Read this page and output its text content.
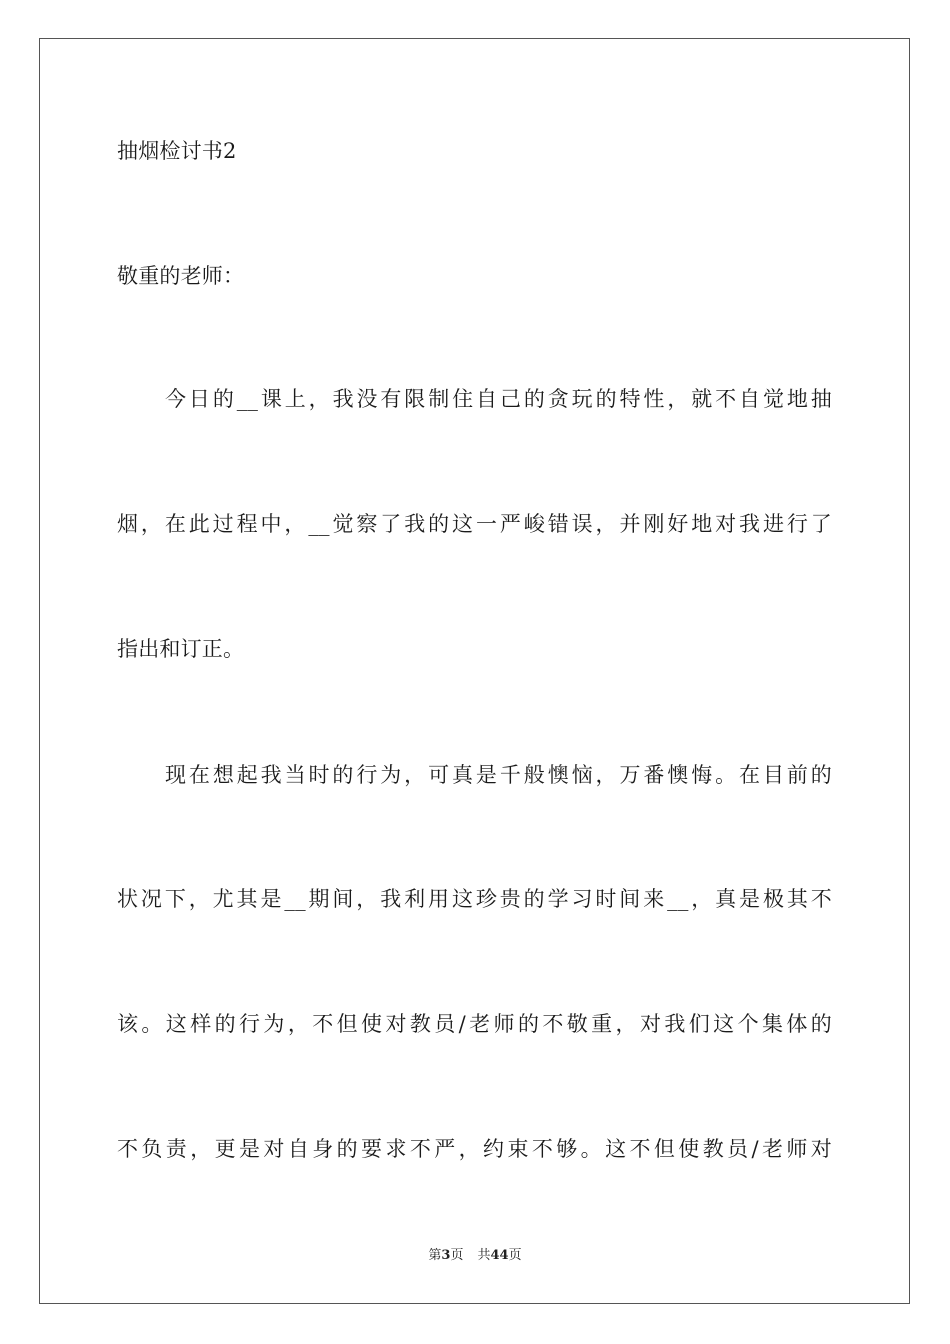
抽烟检讨书2
敬重的老师：
今日的__课上，我没有限制住自己的贪玩的特性，就不自觉地抽
烟，在此过程中，__觉察了我的这一严峻错误，并刚好地对我进行了
指出和订正。
现在想起我当时的行为，可真是千般懊恼，万番懊悔。在目前的
状况下，尤其是__期间，我利用这珍贵的学习时间来__，真是极其不
该。这样的行为，不但使对教员/老师的不敬重，对我们这个集体的
不负责，更是对自身的要求不严，约束不够。这不但使教员/老师对
第3页 共44页
